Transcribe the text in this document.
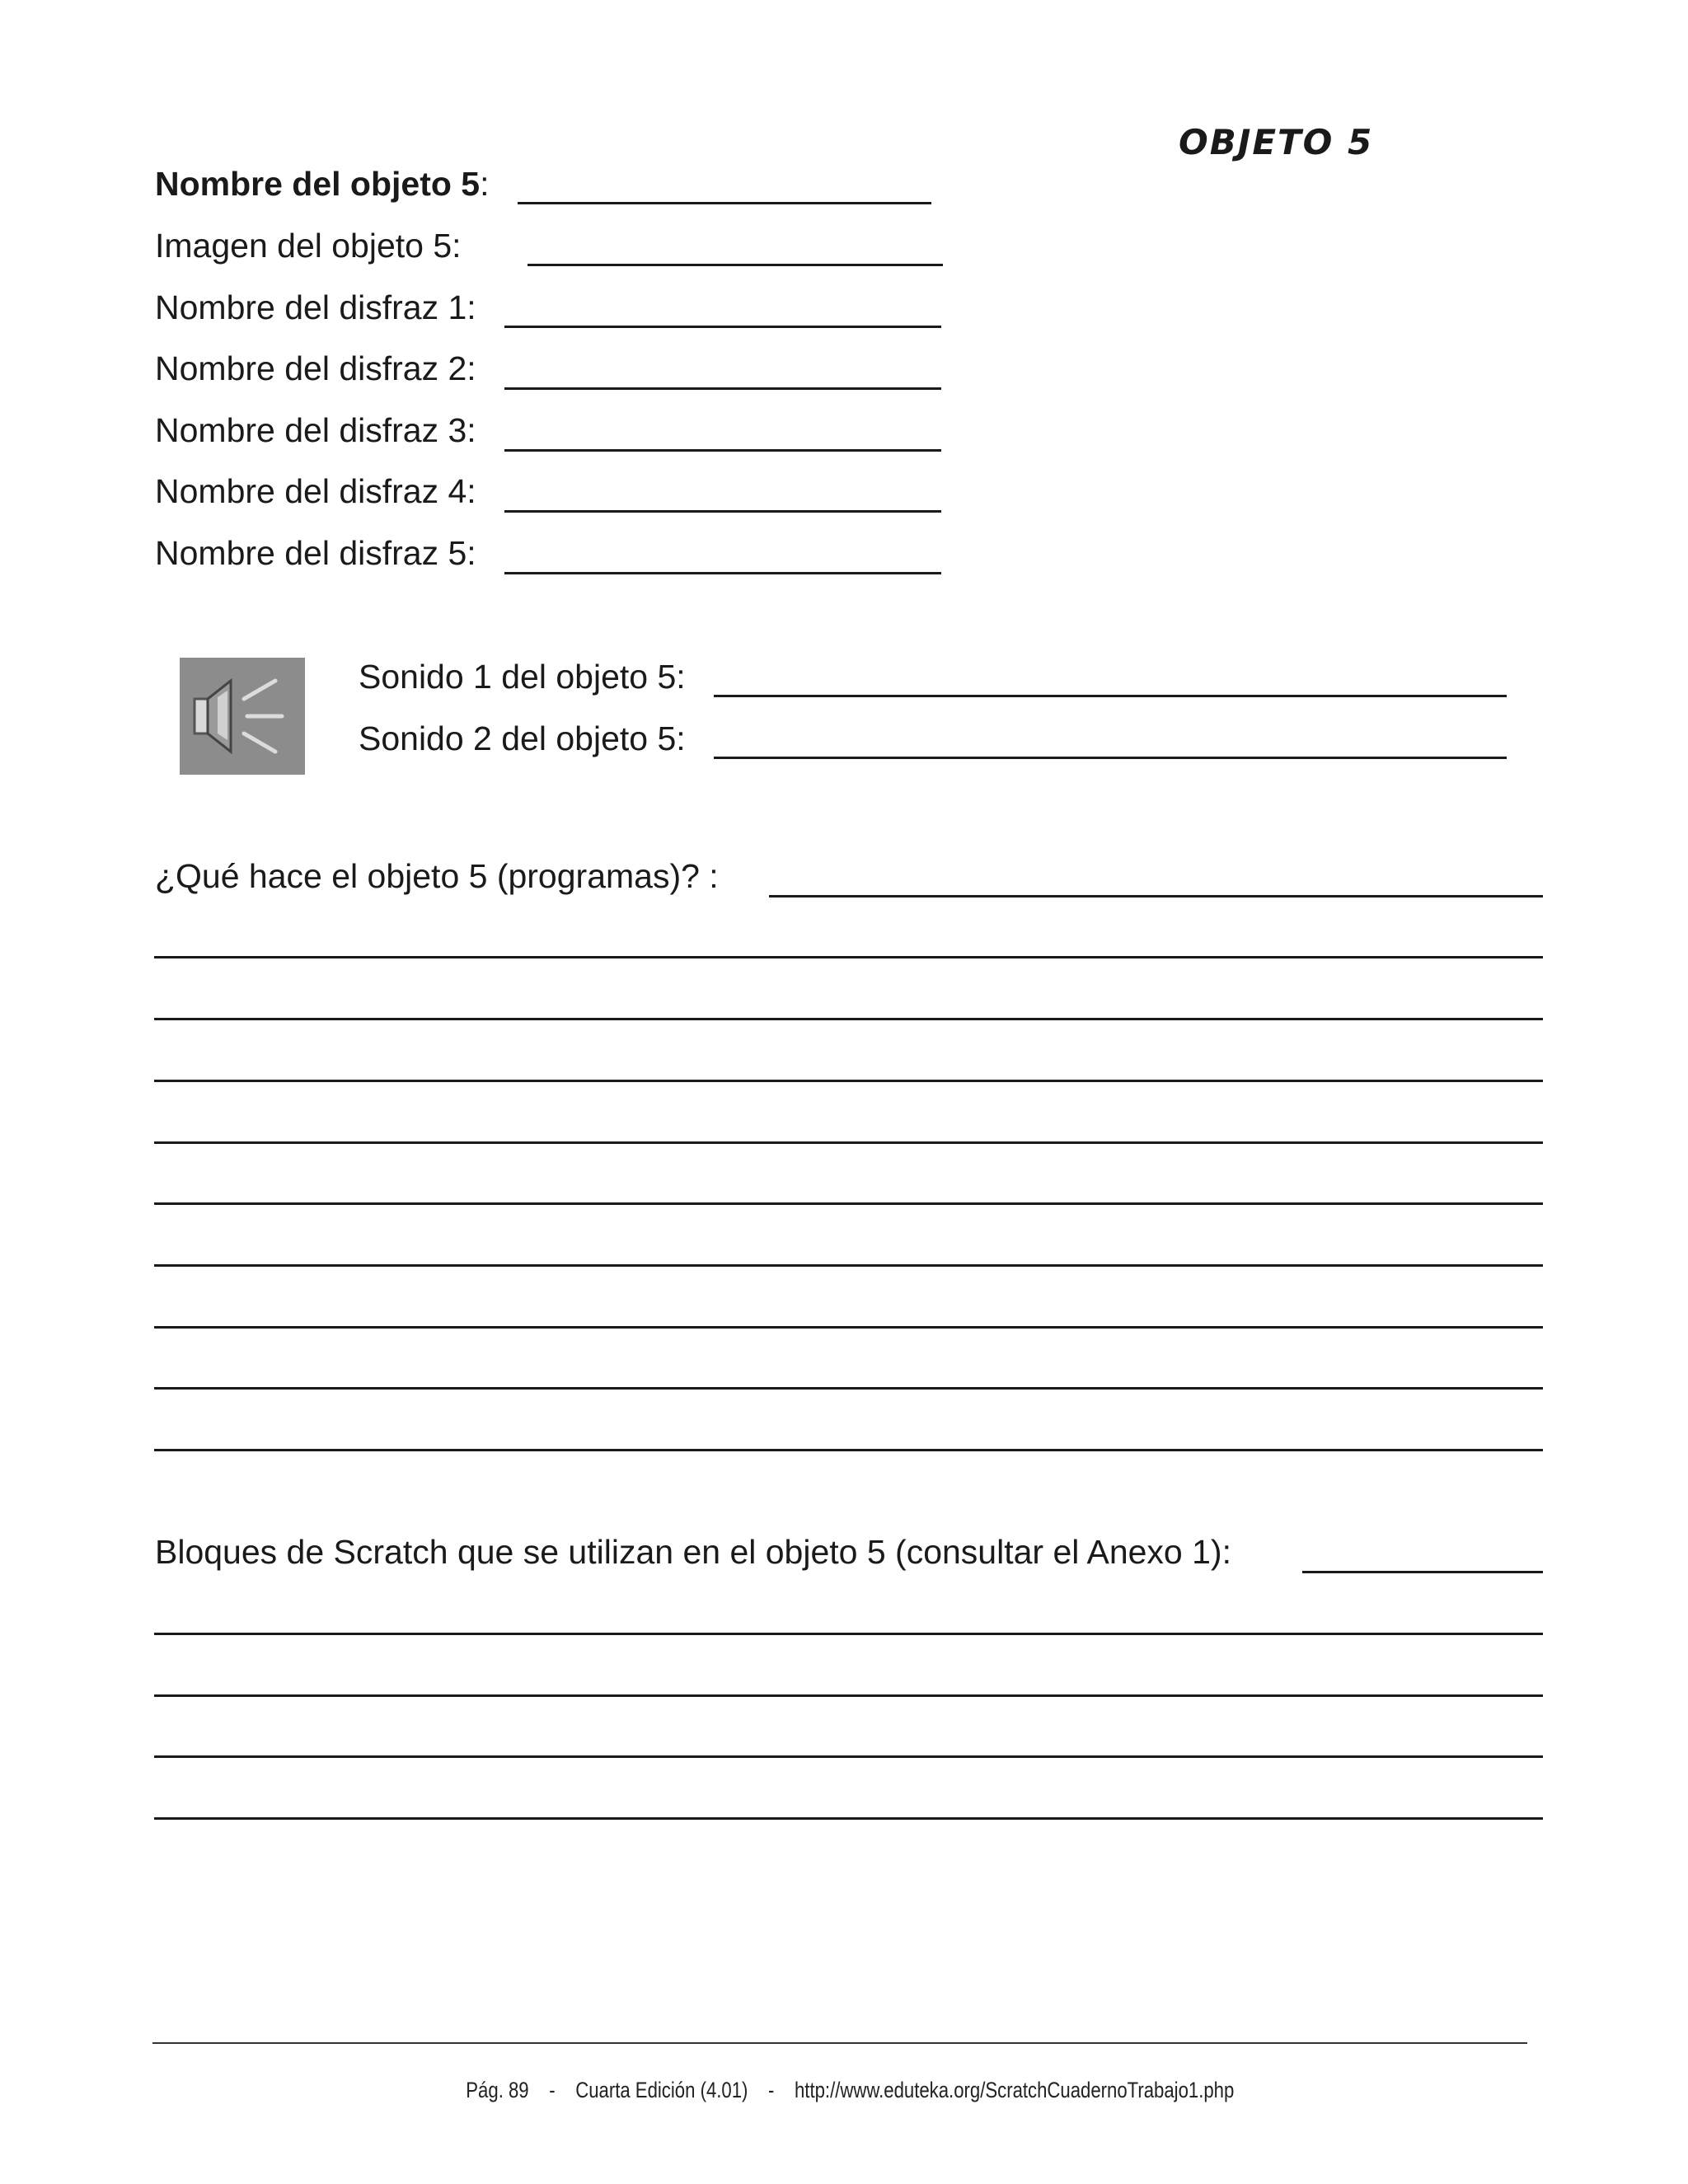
OBJETO 5
Nombre del objeto 5:
Imagen del objeto 5:
Nombre del disfraz 1:
Nombre del disfraz 2:
Nombre del disfraz 3:
Nombre del disfraz 4:
Nombre del disfraz 5:
Sonido 1 del objeto 5:
Sonido 2 del objeto 5:
¿Qué hace el objeto 5 (programas)? :
Bloques de Scratch que se utilizan en el objeto 5 (consultar el Anexo 1):

Pág. 89    -    Cuarta Edición (4.01)    -    http://www.eduteka.org/ScratchCuadernoTrabajo1.php
